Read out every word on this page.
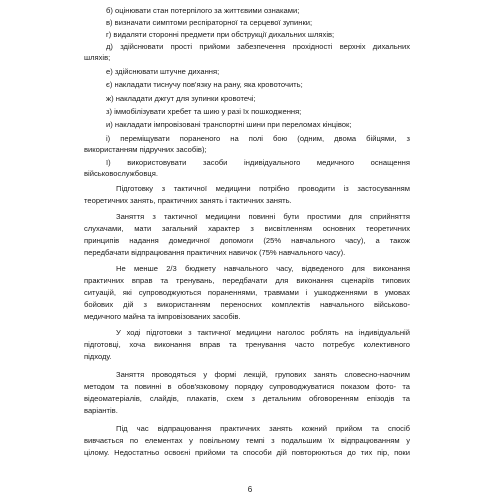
б) оцінювати стан потерпілого за життєвими ознаками;
в) визначати симптоми респіраторної та серцевої зупинки;
г) видаляти сторонні предмети при обструкції дихальних шляхів;
д) здійснювати прості прийоми забезпечення прохідності верхніх дихальних
шляхів;
е) здійснювати штучне дихання;
є) накладати тиснучу пов'язку на рану, яка кровоточить;
ж) накладати джгут для зупинки кровотечі;
з) іммобілізувати хребет та шию у разі їх пошкодження;
и) накладати імпровізовані транспортні шини при переломах кінцівок;
і) переміщувати пораненого на полі бою (одним, двома бійцями, з
використанням підручних засобів);
ї) використовувати засоби індивідуального медичного оснащення
військовослужбовця.
Підготовку з тактичної медицини потрібно проводити із застосуванням
теоретичних занять, практичних занять і тактичних занять.
Заняття з тактичної медицини повинні бути простими для сприйняття
слухачами, мати загальний характер з висвітленням основних теоретичних
принципів надання домедичної допомоги (25% навчального часу), а також
передбачати відпрацювання практичних навичок (75% навчального часу).
Не менше 2/3 бюджету навчального часу, відведеного для виконання
практичних вправ та тренувань, передбачати для виконання сценаріїв типових
ситуацій, які супроводжуються пораненнями, травмами і ушкодженнями в умовах
бойових дій з використанням переносних комплектів навчального військово-
медичного майна та імпровізованих засобів.
У ході підготовки з тактичної медицини наголос роблять на індивідуальній
підготовці, хоча виконання вправ та тренування часто потребує колективного
підходу.
Заняття проводяться у формі лекцій, групових занять словесно-наочним
методом та повинні в обов'язковому порядку супроводжуватися показом фото- та
відеоматеріалів, слайдів, плакатів, схем з детальним обговоренням епізодів та
варіантів.
Під час відпрацювання практичних занять кожний прийом та спосіб
вивчається по елементах у повільному темпі з подальшим їх відпрацюванням у
цілому. Недостатньо освоєні прийоми та способи дій повторюються до тих пір, поки
6
